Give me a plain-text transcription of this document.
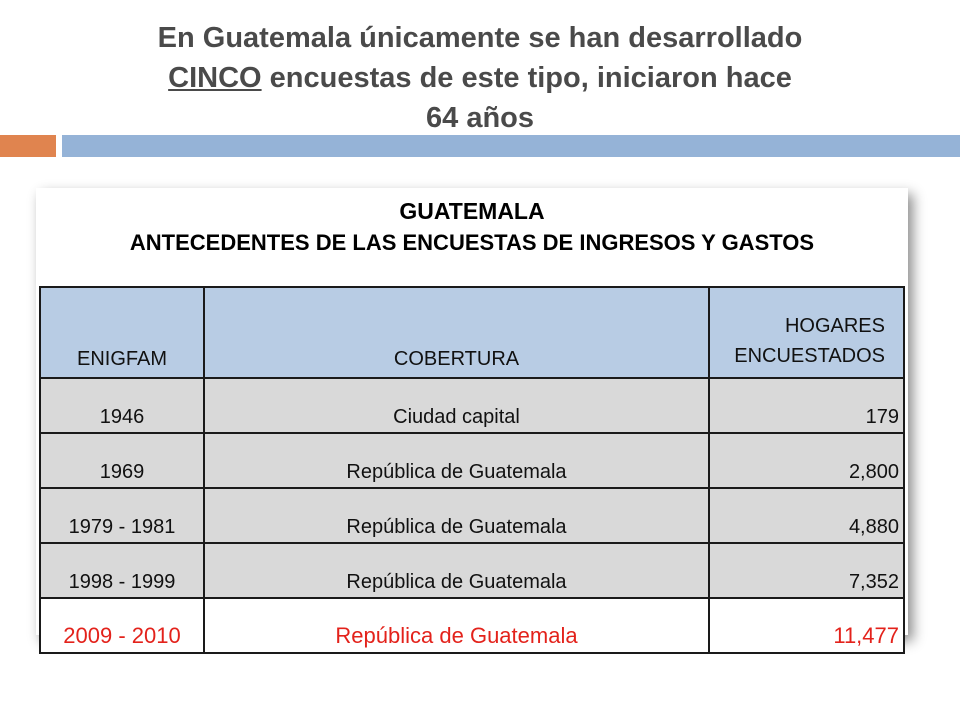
En Guatemala únicamente se han desarrollado
CINCO encuestas de este tipo, iniciaron hace
64 años
GUATEMALA
ANTECEDENTES DE LAS ENCUESTAS DE INGRESOS Y GASTOS
ENIGFAM	COBERTURA	HOGARES
ENCUESTADOS
1946	Ciudad capital	179
1969	República de Guatemala	2,800
1979 - 1981	República de Guatemala	4,880
1998 - 1999	República de Guatemala	7,352
2009 - 2010	República de Guatemala	11,477
